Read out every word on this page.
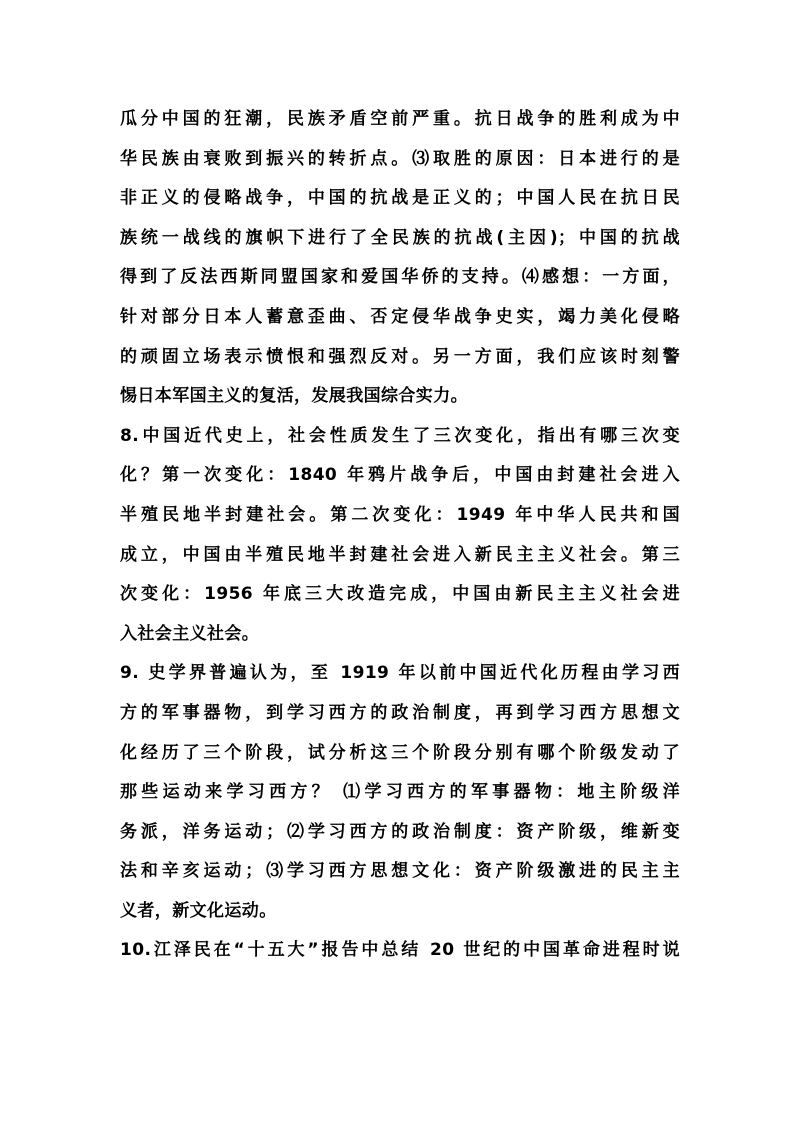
瓜分中国的狂潮，民族矛盾空前严重。抗日战争的胜利成为中
华民族由衰败到振兴的转折点。⑶取胜的原因：日本进行的是
非正义的侵略战争，中国的抗战是正义的；中国人民在抗日民
族统一战线的旗帜下进行了全民族的抗战(主因)；中国的抗战
得到了反法西斯同盟国家和爱国华侨的支持。⑷感想：一方面，
针对部分日本人蓄意歪曲、否定侵华战争史实，竭力美化侵略
的顽固立场表示愤恨和强烈反对。另一方面，我们应该时刻警
惕日本军国主义的复活，发展我国综合实力。
8.中国近代史上，社会性质发生了三次变化，指出有哪三次变
化？第一次变化：1840 年鸦片战争后，中国由封建社会进入
半殖民地半封建社会。第二次变化：1949 年中华人民共和国
成立，中国由半殖民地半封建社会进入新民主主义社会。第三
次变化：1956 年底三大改造完成，中国由新民主主义社会进
入社会主义社会。
9. 史学界普遍认为，至 1919 年以前中国近代化历程由学习西
方的军事器物，到学习西方的政治制度，再到学习西方思想文
化经历了三个阶段，试分析这三个阶段分别有哪个阶级发动了
那些运动来学习西方？ ⑴学习西方的军事器物：地主阶级洋
务派，洋务运动；⑵学习西方的政治制度：资产阶级，维新变
法和辛亥运动；⑶学习西方思想文化：资产阶级激进的民主主
义者，新文化运动。
10.江泽民在“十五大”报告中总结 20 世纪的中国革命进程时说
